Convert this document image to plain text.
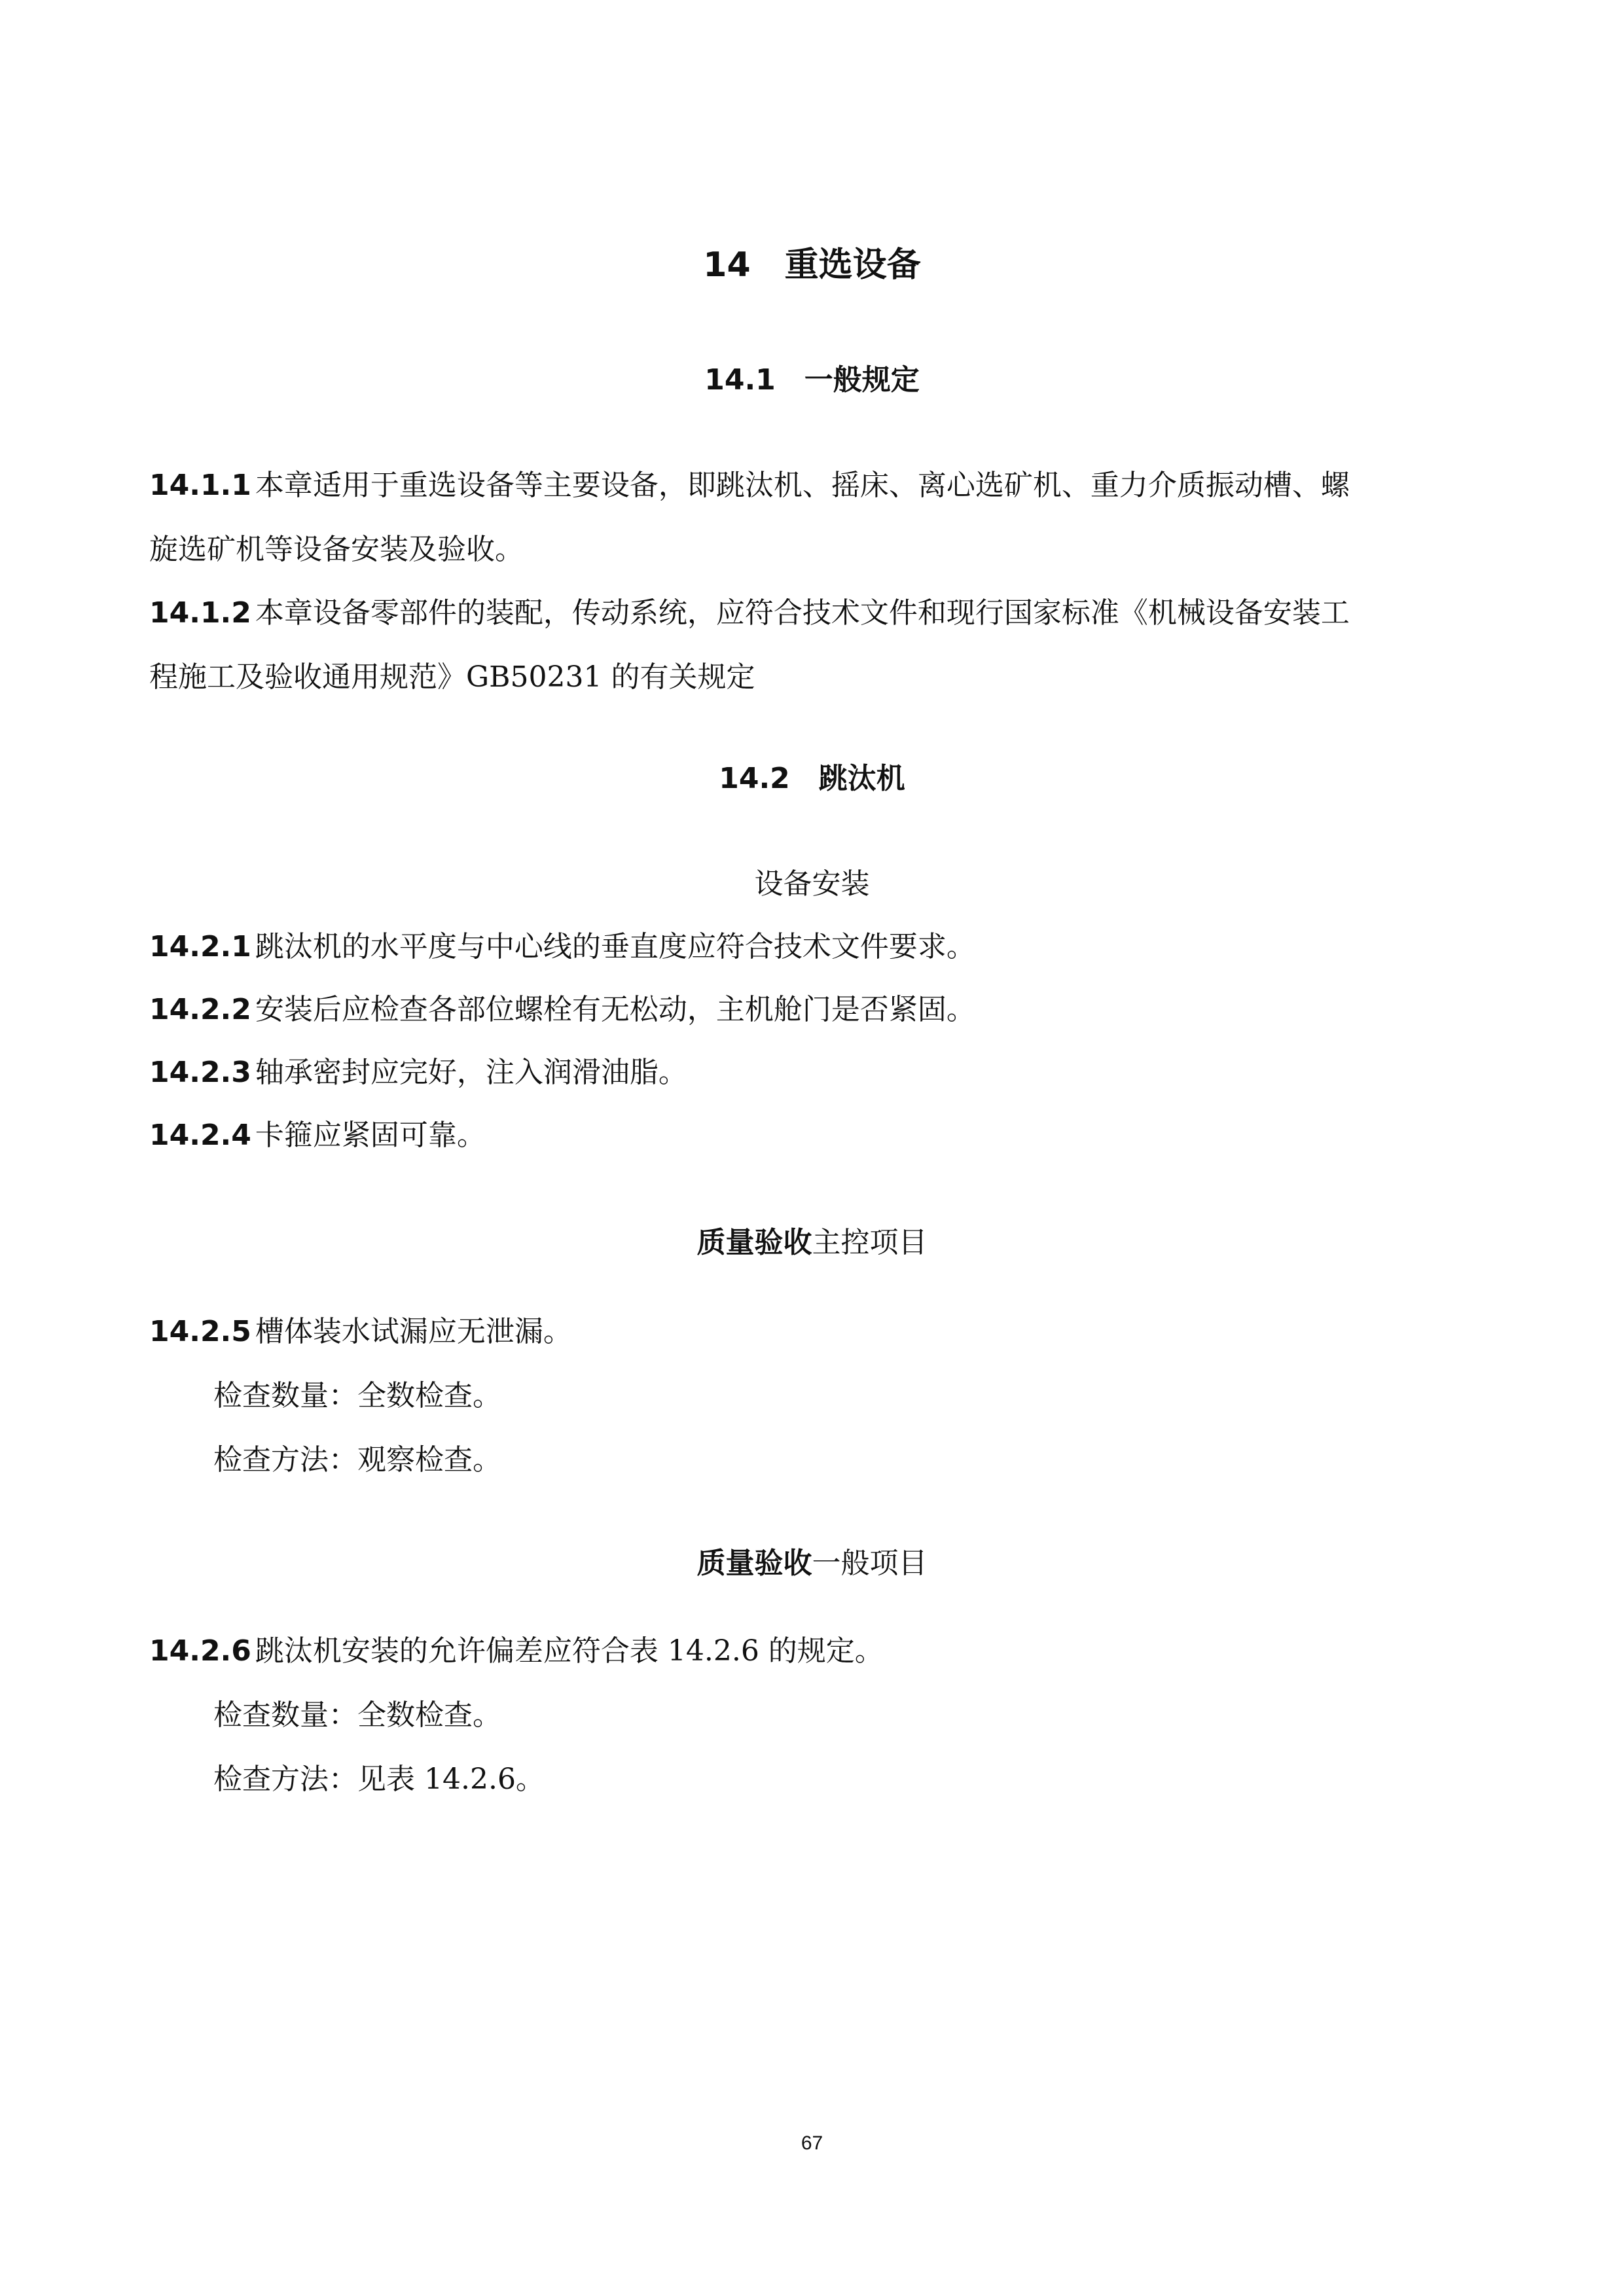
14 重选设备
14.1 一般规定
14.1.1 本章适用于重选设备等主要设备，即跳汰机、摇床、离心选矿机、重力介质振动槽、螺
旋选矿机等设备安装及验收。
14.1.2 本章设备零部件的装配，传动系统，应符合技术文件和现行国家标准《机械设备安装工
程施工及验收通用规范》GB50231 的有关规定
14.2 跳汰机
设备安装
14.2.1 跳汰机的水平度与中心线的垂直度应符合技术文件要求。
14.2.2 安装后应检查各部位螺栓有无松动，主机舱门是否紧固。
14.2.3 轴承密封应完好，注入润滑油脂。
14.2.4 卡箍应紧固可靠。
质量验收主控项目
14.2.5 槽体装水试漏应无泄漏。
检查数量：全数检查。
检查方法：观察检查。
质量验收一般项目
14.2.6 跳汰机安装的允许偏差应符合表 14.2.6 的规定。
检查数量：全数检查。
检查方法：见表 14.2.6。
67
